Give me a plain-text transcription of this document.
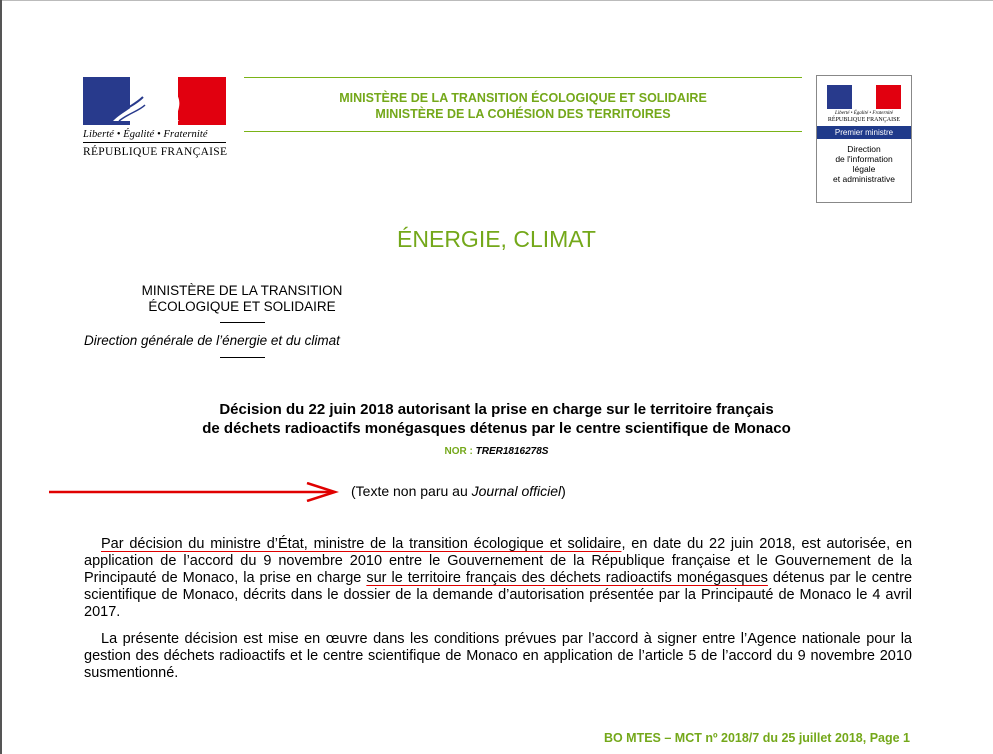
Liberté • Égalité • Fraternité
RÉPUBLIQUE FRANÇAISE
MINISTÈRE DE LA TRANSITION ÉCOLOGIQUE ET SOLIDAIRE
MINISTÈRE DE LA COHÉSION DES TERRITOIRES	Liberté • Égalité • Fraternité
RÉPUBLIQUE FRANÇAISE
Premier ministre
Direction
de l'information
légale
et administrative
ÉNERGIE, CLIMAT
MINISTÈRE DE LA TRANSITION
ÉCOLOGIQUE ET SOLIDAIRE
Direction générale de l’énergie et du climat
Décision du 22 juin 2018 autorisant la prise en charge sur le territoire français
de déchets radioactifs monégasques détenus par le centre scientifique de Monaco
NOR : TRER1816278S
(Texte non paru au Journal officiel)

Par décision du ministre d’État, ministre de la transition écologique et solidaire, en date du 22 juin 2018, est autorisée, en application de l’accord du 9 novembre 2010 entre le Gouvernement de la République française et le Gouvernement de la Principauté de Monaco, la prise en charge sur le territoire français des déchets radioactifs monégasques détenus par le centre scientifique de Monaco, décrits dans le dossier de la demande d’autorisation présentée par la Principauté de Monaco le 4 avril 2017.

La présente décision est mise en œuvre dans les conditions prévues par l’accord à signer entre l’Agence nationale pour la gestion des déchets radioactifs et le centre scientifique de Monaco en application de l’article 5 de l’accord du 9 novembre 2010 susmentionné.

BO MTES – MCT nº 2018/7 du 25 juillet 2018, Page 1
